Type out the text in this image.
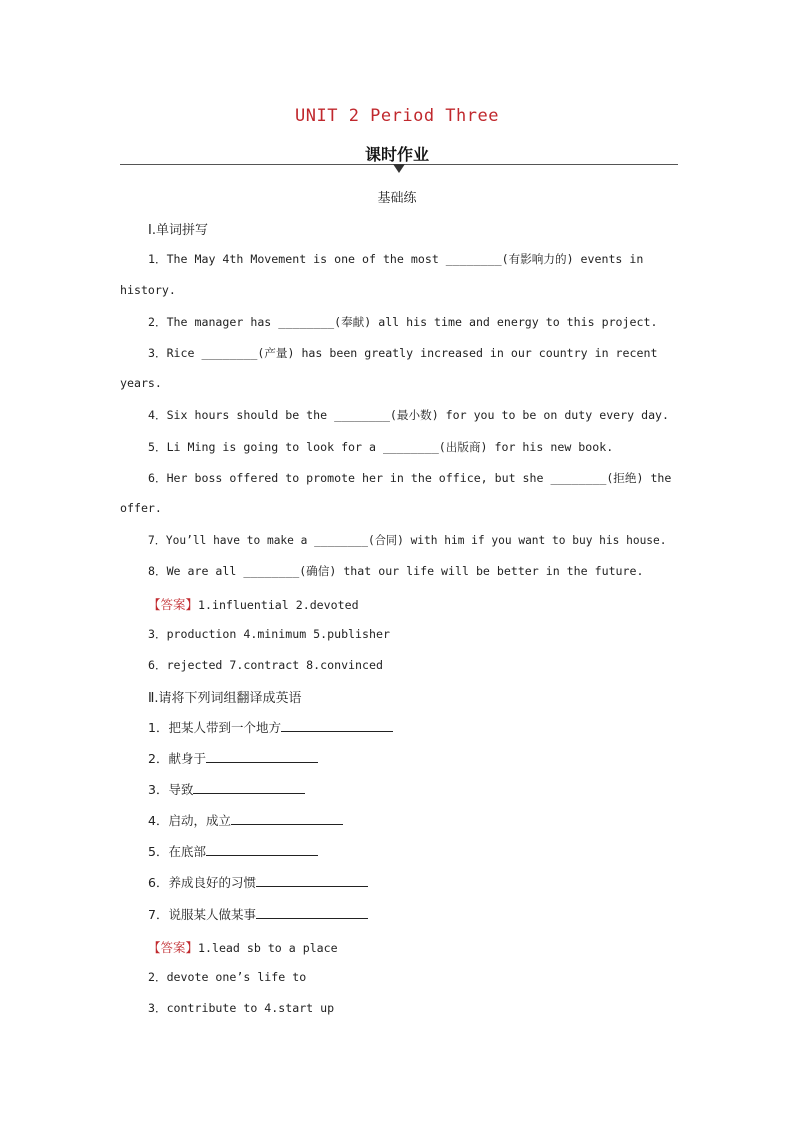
UNIT 2 Period Three
课时作业
基础练
Ⅰ.单词拼写
1．The May 4th Movement is one of the most ________(有影响力的) events in
history.
2．The manager has ________(奉献) all his time and energy to this project.
3．Rice ________(产量) has been greatly increased in our country in recent
years.
4．Six hours should be the ________(最小数) for you to be on duty every day.
5．Li Ming is going to look for a ________(出版商) for his new book.
6．Her boss offered to promote her in the office, but she ________(拒绝) the
offer.
7．You’ll have to make a ________(合同) with him if you want to buy his house.
8．We are all ________(确信) that our life will be better in the future.
【答案】1.influential 2.devoted
3．production 4.minimum 5.publisher
6．rejected 7.contract 8.convinced
Ⅱ.请将下列词组翻译成英语
1．把某人带到一个地方
2．献身于
3．导致
4．启动，成立
5．在底部
6．养成良好的习惯
7．说服某人做某事
【答案】1.lead sb to a place
2．devote one’s life to
3．contribute to 4.start up
